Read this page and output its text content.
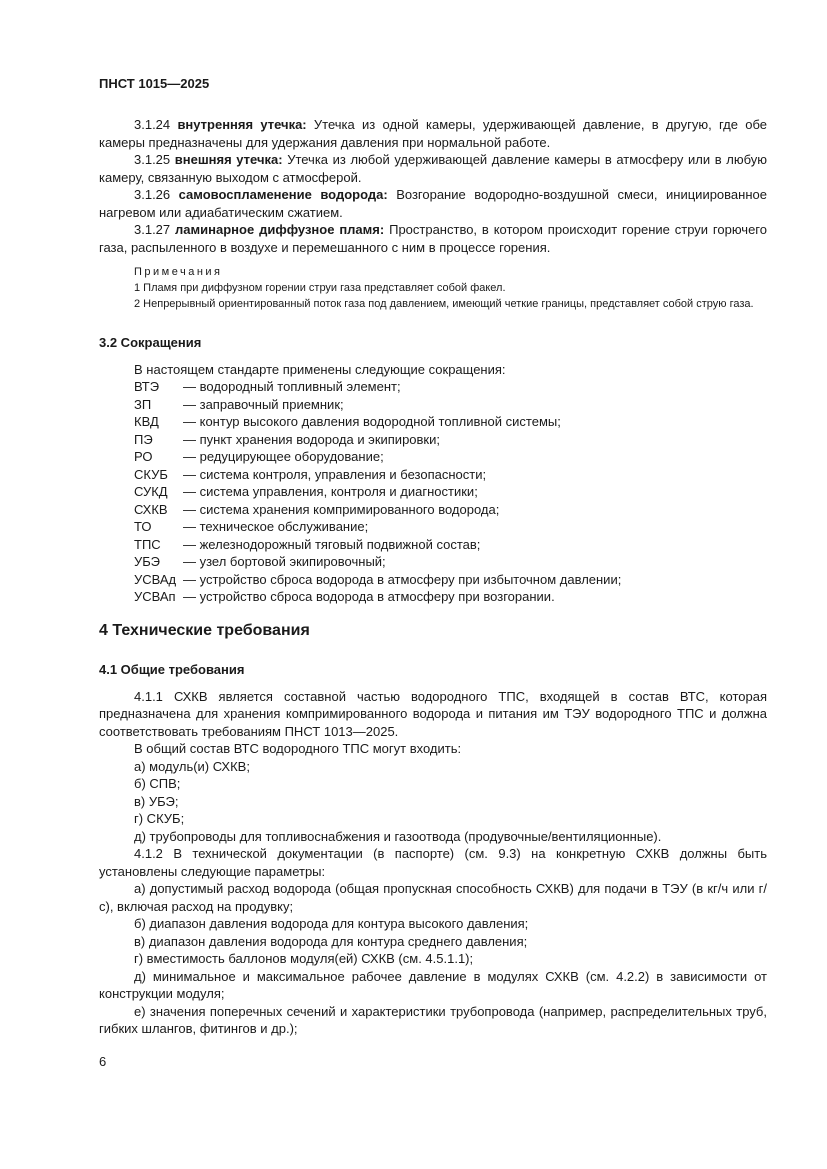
ПНСТ 1015—2025

3.1.24 внутренняя утечка: Утечка из одной камеры, удерживающей давление, в другую, где обе камеры предназначены для удержания давления при нормальной работе.

3.1.25 внешняя утечка: Утечка из любой удерживающей давление камеры в атмосферу или в любую камеру, связанную выходом с атмосферой.

3.1.26 самовоспламенение водорода: Возгорание водородно-воздушной смеси, инициированное нагревом или адиабатическим сжатием.

3.1.27 ламинарное диффузное пламя: Пространство, в котором происходит горение струи горючего газа, распыленного в воздухе и перемешанного с ним в процессе горения.

Примечания

1 Пламя при диффузном горении струи газа представляет собой факел.

2 Непрерывный ориентированный поток газа под давлением, имеющий четкие границы, представляет собой струю газа.

3.2 Сокращения

В настоящем стандарте применены следующие сокращения:

ВТЭ	— водородный топливный элемент;
ЗП	— заправочный приемник;
КВД	— контур высокого давления водородной топливной системы;
ПЭ	— пункт хранения водорода и экипировки;
РО	— редуцирующее оборудование;
СКУБ	— система контроля, управления и безопасности;
СУКД	— система управления, контроля и диагностики;
СХКВ	— система хранения компримированного водорода;
ТО	— техническое обслуживание;
ТПС	— железнодорожный тяговый подвижной состав;
УБЭ	— узел бортовой экипировочный;
УСВАд — устройство сброса водорода в атмосферу при избыточном давлении;
УСВАп — устройство сброса водорода в атмосферу при возгорании.

4 Технические требования

4.1 Общие требования

4.1.1 СХКВ является составной частью водородного ТПС, входящей в состав ВТС, которая предназначена для хранения компримированного водорода и питания им ТЭУ водородного ТПС и должна соответствовать требованиям ПНСТ 1013—2025.

В общий состав ВТС водородного ТПС могут входить:

а) модуль(и) СХКВ;

б) СПВ;

в) УБЭ;

г) СКУБ;

д) трубопроводы для топливоснабжения и газоотвода (продувочные/вентиляционные).

4.1.2 В технической документации (в паспорте) (см. 9.3) на конкретную СХКВ должны быть установлены следующие параметры:

а) допустимый расход водорода (общая пропускная способность СХКВ) для подачи в ТЭУ (в кг/ч или г/с), включая расход на продувку;

б) диапазон давления водорода для контура высокого давления;

в) диапазон давления водорода для контура среднего давления;

г) вместимость баллонов модуля(ей) СХКВ (см. 4.5.1.1);

д) минимальное и максимальное рабочее давление в модулях СХКВ (см. 4.2.2) в зависимости от конструкции модуля;

е) значения поперечных сечений и характеристики трубопровода (например, распределительных труб, гибких шлангов, фитингов и др.);

6
